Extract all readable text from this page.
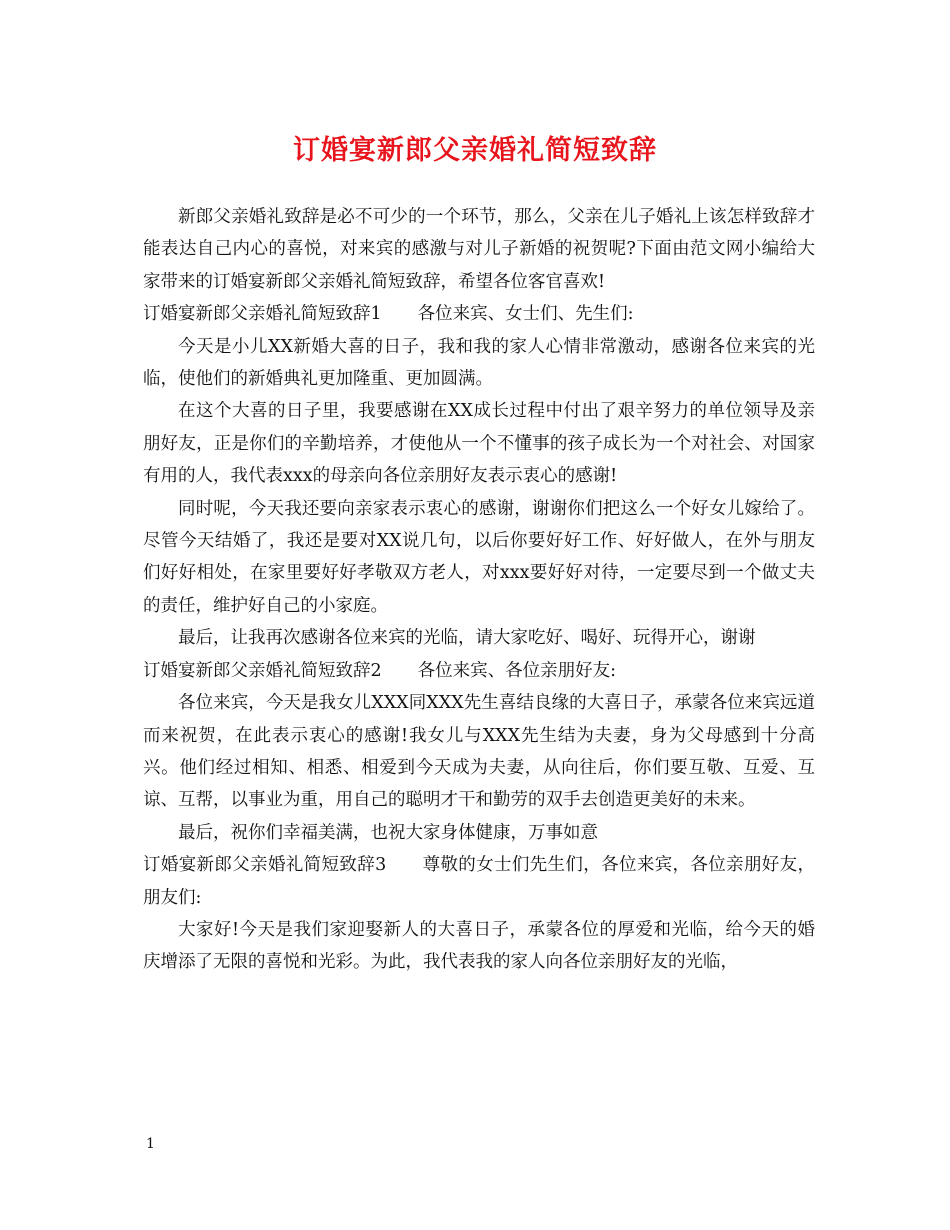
订婚宴新郎父亲婚礼简短致辞

新郎父亲婚礼致辞是必不可少的一个环节，那么，父亲在儿子婚礼上该怎样致辞才能表达自己内心的喜悦，对来宾的感激与对儿子新婚的祝贺呢?下面由范文网小编给大家带来的订婚宴新郎父亲婚礼简短致辞，希望各位客官喜欢!

订婚宴新郎父亲婚礼简短致辞1 各位来宾、女士们、先生们:

今天是小儿XX新婚大喜的日子，我和我的家人心情非常激动，感谢各位来宾的光临，使他们的新婚典礼更加隆重、更加圆满。

在这个大喜的日子里，我要感谢在XX成长过程中付出了艰辛努力的单位领导及亲朋好友，正是你们的辛勤培养，才使他从一个不懂事的孩子成长为一个对社会、对国家有用的人，我代表xxx的母亲向各位亲朋好友表示衷心的感谢!

同时呢，今天我还要向亲家表示衷心的感谢，谢谢你们把这么一个好女儿嫁给了。尽管今天结婚了，我还是要对XX说几句，以后你要好好工作、好好做人，在外与朋友们好好相处，在家里要好好孝敬双方老人，对xxx要好好对待，一定要尽到一个做丈夫的责任，维护好自己的小家庭。

最后，让我再次感谢各位来宾的光临，请大家吃好、喝好、玩得开心，谢谢

订婚宴新郎父亲婚礼简短致辞2 各位来宾、各位亲朋好友:

各位来宾，今天是我女儿XXX同XXX先生喜结良缘的大喜日子，承蒙各位来宾远道而来祝贺，在此表示衷心的感谢!我女儿与XXX先生结为夫妻，身为父母感到十分高兴。他们经过相知、相悉、相爱到今天成为夫妻，从向往后，你们要互敬、互爱、互谅、互帮，以事业为重，用自己的聪明才干和勤劳的双手去创造更美好的未来。

最后，祝你们幸福美满，也祝大家身体健康，万事如意

订婚宴新郎父亲婚礼简短致辞3 尊敬的女士们先生们，各位来宾，各位亲朋好友，朋友们:

大家好!今天是我们家迎娶新人的大喜日子，承蒙各位的厚爱和光临，给今天的婚庆增添了无限的喜悦和光彩。为此，我代表我的家人向各位亲朋好友的光临，

1
